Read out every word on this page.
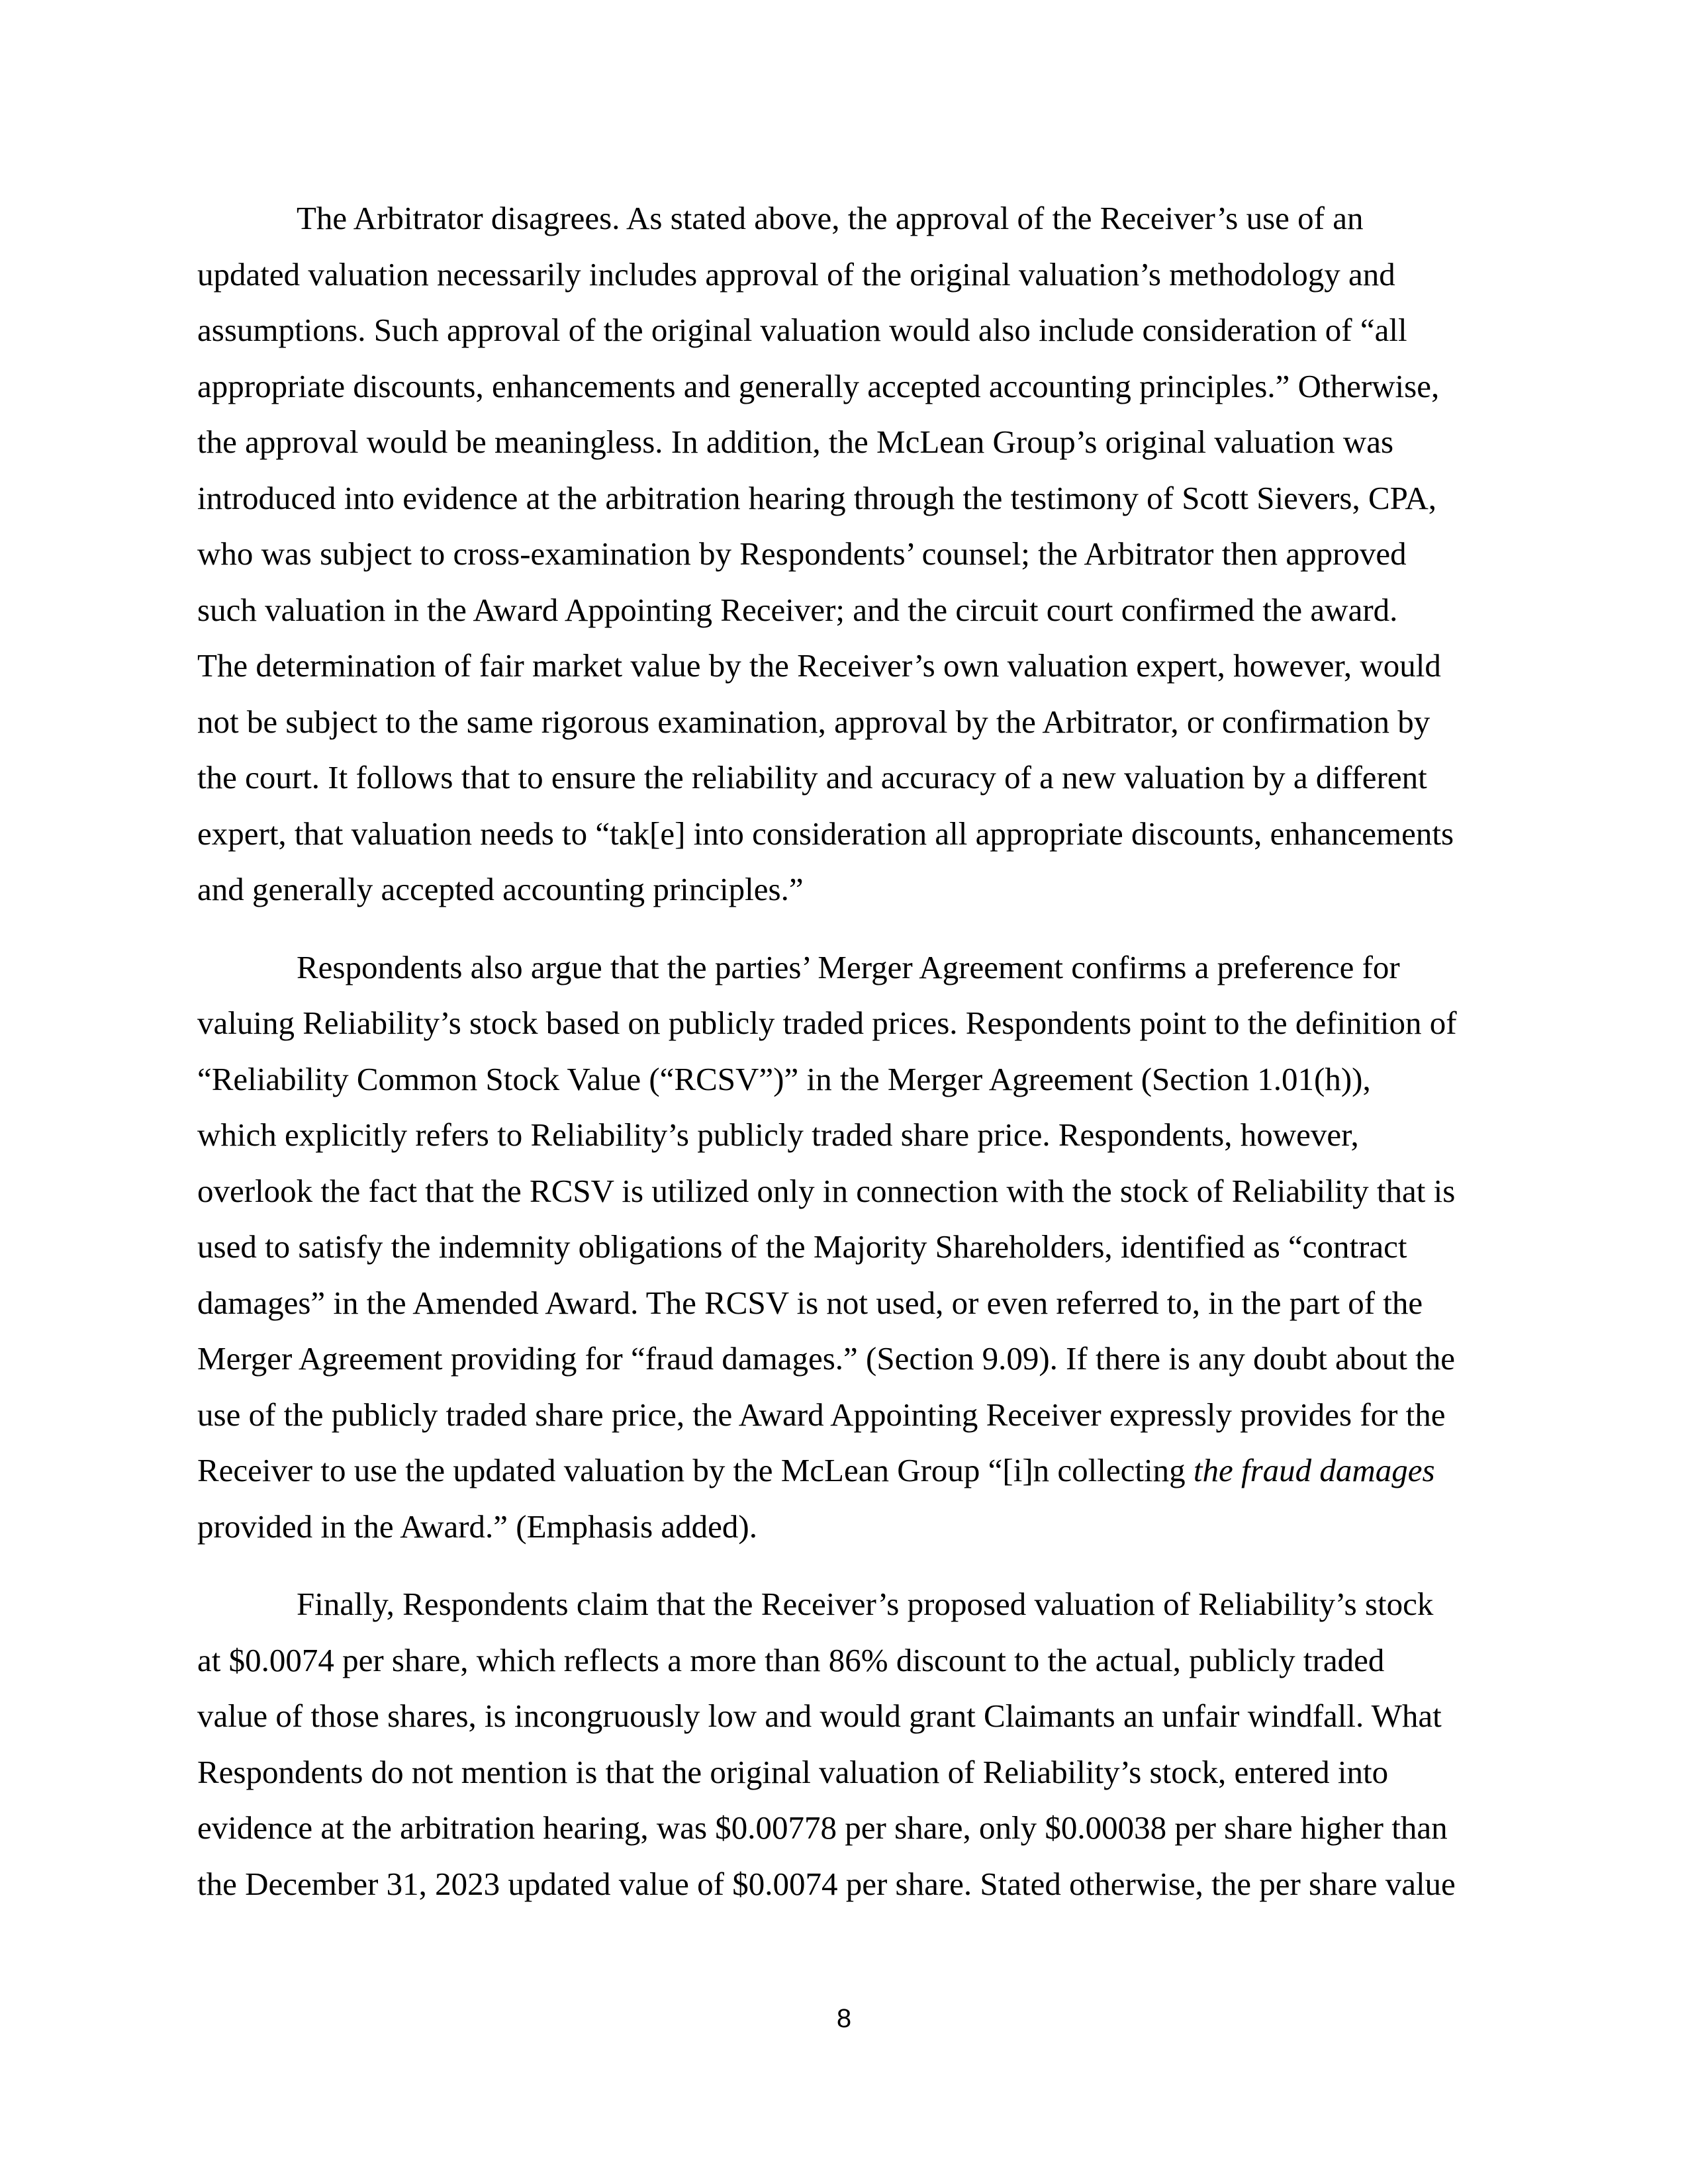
The Arbitrator disagrees. As stated above, the approval of the Receiver’s use of an
updated valuation necessarily includes approval of the original valuation’s methodology and
assumptions. Such approval of the original valuation would also include consideration of “all
appropriate discounts, enhancements and generally accepted accounting principles.” Otherwise,
the approval would be meaningless. In addition, the McLean Group’s original valuation was
introduced into evidence at the arbitration hearing through the testimony of Scott Sievers, CPA,
who was subject to cross-examination by Respondents’ counsel; the Arbitrator then approved
such valuation in the Award Appointing Receiver; and the circuit court confirmed the award.
The determination of fair market value by the Receiver’s own valuation expert, however, would
not be subject to the same rigorous examination, approval by the Arbitrator, or confirmation by
the court. It follows that to ensure the reliability and accuracy of a new valuation by a different
expert, that valuation needs to “tak[e] into consideration all appropriate discounts, enhancements
and generally accepted accounting principles.”
Respondents also argue that the parties’ Merger Agreement confirms a preference for
valuing Reliability’s stock based on publicly traded prices. Respondents point to the definition of
“Reliability Common Stock Value (“RCSV”)” in the Merger Agreement (Section 1.01(h)),
which explicitly refers to Reliability’s publicly traded share price. Respondents, however,
overlook the fact that the RCSV is utilized only in connection with the stock of Reliability that is
used to satisfy the indemnity obligations of the Majority Shareholders, identified as “contract
damages” in the Amended Award. The RCSV is not used, or even referred to, in the part of the
Merger Agreement providing for “fraud damages.” (Section 9.09). If there is any doubt about the
use of the publicly traded share price, the Award Appointing Receiver expressly provides for the
Receiver to use the updated valuation by the McLean Group “[i]n collecting the fraud damages
provided in the Award.” (Emphasis added).
Finally, Respondents claim that the Receiver’s proposed valuation of Reliability’s stock
at $0.0074 per share, which reflects a more than 86% discount to the actual, publicly traded
value of those shares, is incongruously low and would grant Claimants an unfair windfall. What
Respondents do not mention is that the original valuation of Reliability’s stock, entered into
evidence at the arbitration hearing, was $0.00778 per share, only $0.00038 per share higher than
the December 31, 2023 updated value of $0.0074 per share. Stated otherwise, the per share value
8
